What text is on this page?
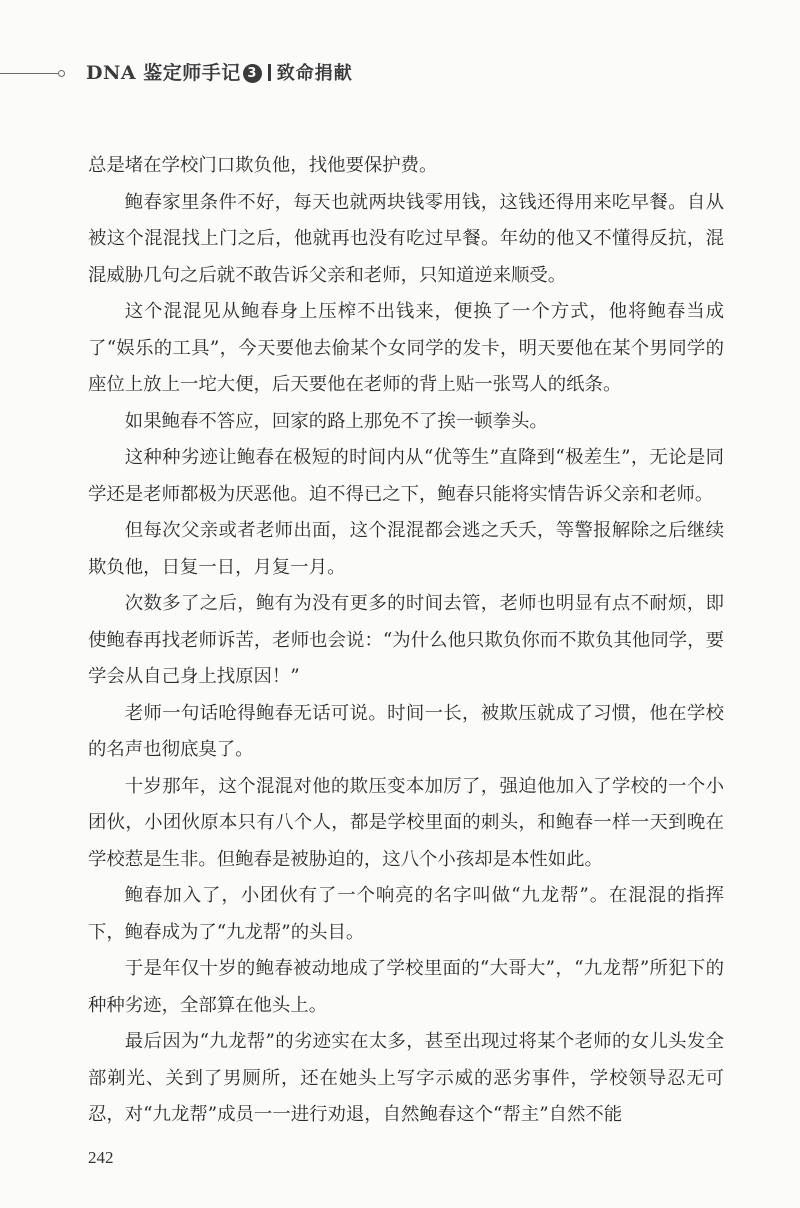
DNA 鉴定师手记 3 致命捐献

总是堵在学校门口欺负他，找他要保护费。

鲍春家里条件不好，每天也就两块钱零用钱，这钱还得用来吃早餐。自从被这个混混找上门之后，他就再也没有吃过早餐。年幼的他又不懂得反抗，混混威胁几句之后就不敢告诉父亲和老师，只知道逆来顺受。

这个混混见从鲍春身上压榨不出钱来，便换了一个方式，他将鲍春当成了“娱乐的工具”，今天要他去偷某个女同学的发卡，明天要他在某个男同学的座位上放上一坨大便，后天要他在老师的背上贴一张骂人的纸条。

如果鲍春不答应，回家的路上那免不了挨一顿拳头。

这种种劣迹让鲍春在极短的时间内从“优等生”直降到“极差生”，无论是同学还是老师都极为厌恶他。迫不得已之下，鲍春只能将实情告诉父亲和老师。

但每次父亲或者老师出面，这个混混都会逃之夭夭，等警报解除之后继续欺负他，日复一日，月复一月。

次数多了之后，鲍有为没有更多的时间去管，老师也明显有点不耐烦，即使鲍春再找老师诉苦，老师也会说：“为什么他只欺负你而不欺负其他同学，要学会从自己身上找原因！”

老师一句话呛得鲍春无话可说。时间一长，被欺压就成了习惯，他在学校的名声也彻底臭了。

十岁那年，这个混混对他的欺压变本加厉了，强迫他加入了学校的一个小团伙，小团伙原本只有八个人，都是学校里面的刺头，和鲍春一样一天到晚在学校惹是生非。但鲍春是被胁迫的，这八个小孩却是本性如此。

鲍春加入了，小团伙有了一个响亮的名字叫做“九龙帮”。在混混的指挥下，鲍春成为了“九龙帮”的头目。

于是年仅十岁的鲍春被动地成了学校里面的“大哥大”，“九龙帮”所犯下的种种劣迹，全部算在他头上。

最后因为“九龙帮”的劣迹实在太多，甚至出现过将某个老师的女儿头发全部剃光、关到了男厕所，还在她头上写字示威的恶劣事件，学校领导忍无可忍，对“九龙帮”成员一一进行劝退，自然鲍春这个“帮主”自然不能

242
